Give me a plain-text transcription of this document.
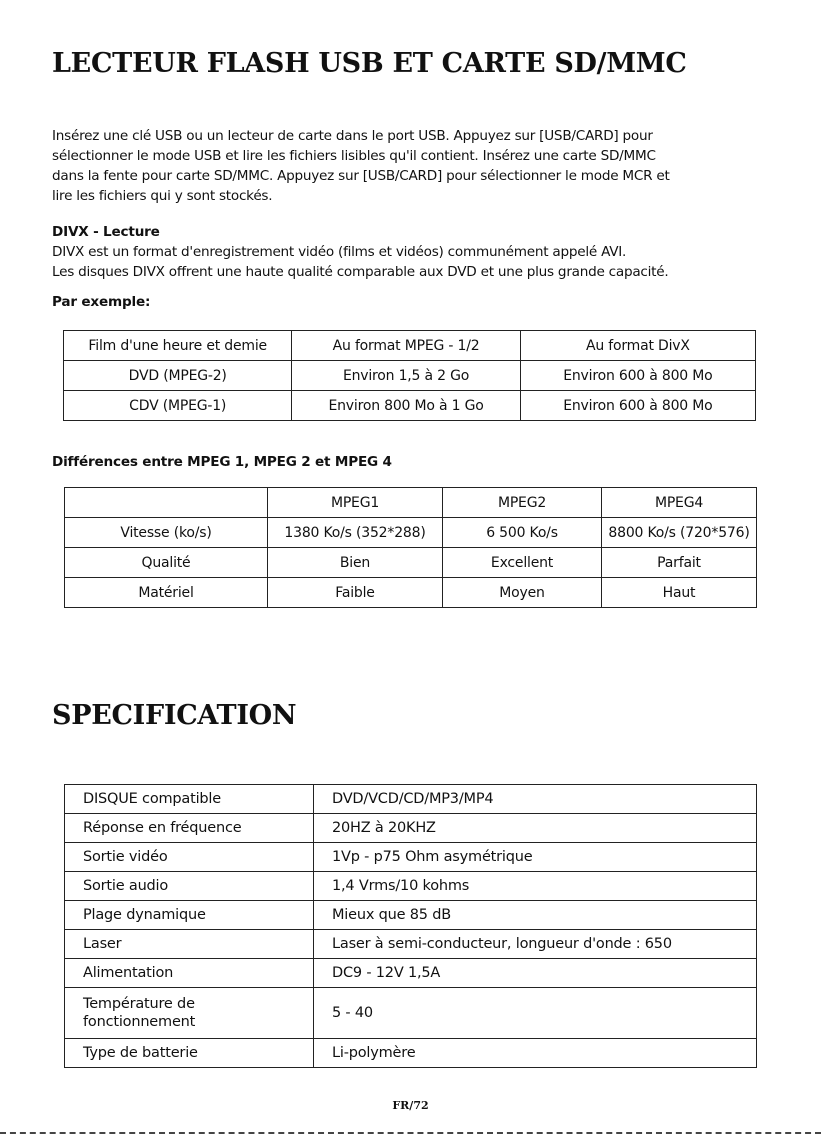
LECTEUR FLASH USB ET CARTE SD/MMC

Insérez une clé USB ou un lecteur de carte dans le port USB. Appuyez sur [USB/CARD] pour

sélectionner le mode USB et lire les fichiers lisibles qu'il contient. Insérez une carte SD/MMC

dans la fente pour carte SD/MMC. Appuyez sur [USB/CARD] pour sélectionner le mode MCR et

lire les fichiers qui y sont stockés.

DIVX - Lecture

DIVX est un format d'enregistrement vidéo (films et vidéos) communément appelé AVI.

Les disques DIVX offrent une haute qualité comparable aux DVD et une plus grande capacité.

Par exemple:

Film d'une heure et demie	Au format MPEG - 1/2	Au format DivX
DVD (MPEG-2)	Environ 1,5 à 2 Go	Environ 600 à 800 Mo
CDV (MPEG-1)	Environ 800 Mo à 1 Go	Environ 600 à 800 Mo

Différences entre MPEG 1, MPEG 2 et MPEG 4

	MPEG1	MPEG2	MPEG4
Vitesse (ko/s)	1380 Ko/s (352*288)	6 500 Ko/s	8800 Ko/s (720*576)
Qualité	Bien	Excellent	Parfait
Matériel	Faible	Moyen	Haut
SPECIFICATION
DISQUE compatible	DVD/VCD/CD/MP3/MP4
Réponse en fréquence	20HZ à 20KHZ
Sortie vidéo	1Vp - p75 Ohm asymétrique
Sortie audio	1,4 Vrms/10 kohms
Plage dynamique	Mieux que 85 dB
Laser	Laser à semi-conducteur, longueur d'onde : 650
Alimentation	DC9 - 12V 1,5A
Température de fonctionnement	5 - 40
Type de batterie	Li-polymère
FR/72
